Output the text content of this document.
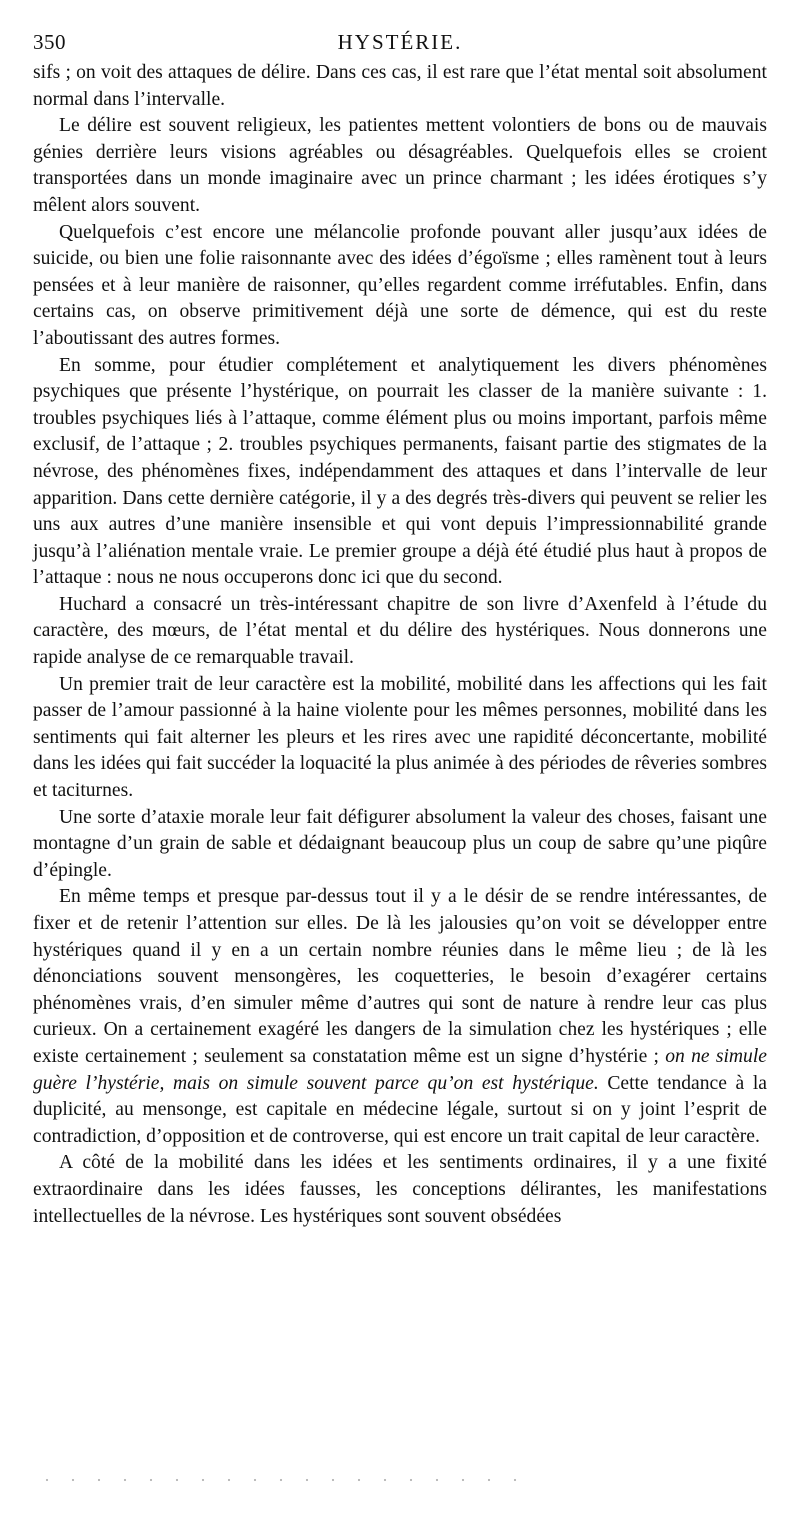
350	HYSTÉRIE.

sifs ; on voit des attaques de délire. Dans ces cas, il est rare que l’état mental soit absolument normal dans l’intervalle.

Le délire est souvent religieux, les patientes mettent volontiers de bons ou de mauvais génies derrière leurs visions agréables ou désagréables. Quelquefois elles se croient transportées dans un monde imaginaire avec un prince charmant ; les idées érotiques s’y mêlent alors souvent.

Quelquefois c’est encore une mélancolie profonde pouvant aller jusqu’aux idées de suicide, ou bien une folie raisonnante avec des idées d’égoïsme ; elles ramènent tout à leurs pensées et à leur manière de raisonner, qu’elles regardent comme irréfutables. Enfin, dans certains cas, on observe primitivement déjà une sorte de démence, qui est du reste l’aboutissant des autres formes.

En somme, pour étudier complétement et analytiquement les divers phénomènes psychiques que présente l’hystérique, on pourrait les classer de la manière suivante : 1. troubles psychiques liés à l’attaque, comme élément plus ou moins important, parfois même exclusif, de l’attaque ; 2. troubles psychiques permanents, faisant partie des stigmates de la névrose, des phénomènes fixes, indépendamment des attaques et dans l’intervalle de leur apparition. Dans cette dernière catégorie, il y a des degrés très-divers qui peuvent se relier les uns aux autres d’une manière insensible et qui vont depuis l’impressionnabilité grande jusqu’à l’aliénation mentale vraie. Le premier groupe a déjà été étudié plus haut à propos de l’attaque : nous ne nous occuperons donc ici que du second.

Huchard a consacré un très-intéressant chapitre de son livre d’Axenfeld à l’étude du caractère, des mœurs, de l’état mental et du délire des hystériques. Nous donnerons une rapide analyse de ce remarquable travail.

Un premier trait de leur caractère est la mobilité, mobilité dans les affections qui les fait passer de l’amour passionné à la haine violente pour les mêmes personnes, mobilité dans les sentiments qui fait alterner les pleurs et les rires avec une rapidité déconcertante, mobilité dans les idées qui fait succéder la loquacité la plus animée à des périodes de rêveries sombres et taciturnes.

Une sorte d’ataxie morale leur fait défigurer absolument la valeur des choses, faisant une montagne d’un grain de sable et dédaignant beaucoup plus un coup de sabre qu’une piqûre d’épingle.

En même temps et presque par-dessus tout il y a le désir de se rendre intéressantes, de fixer et de retenir l’attention sur elles. De là les jalousies qu’on voit se développer entre hystériques quand il y en a un certain nombre réunies dans le même lieu ; de là les dénonciations souvent mensongères, les coquetteries, le besoin d’exagérer certains phénomènes vrais, d’en simuler même d’autres qui sont de nature à rendre leur cas plus curieux. On a certainement exagéré les dangers de la simulation chez les hystériques ; elle existe certainement ; seulement sa constatation même est un signe d’hystérie ; on ne simule guère l’hystérie, mais on simule souvent parce qu’on est hystérique. Cette tendance à la duplicité, au mensonge, est capitale en médecine légale, surtout si on y joint l’esprit de contradiction, d’opposition et de controverse, qui est encore un trait capital de leur caractère.

A côté de la mobilité dans les idées et les sentiments ordinaires, il y a une fixité extraordinaire dans les idées fausses, les conceptions délirantes, les manifestations intellectuelles de la névrose. Les hystériques sont souvent obsédées
